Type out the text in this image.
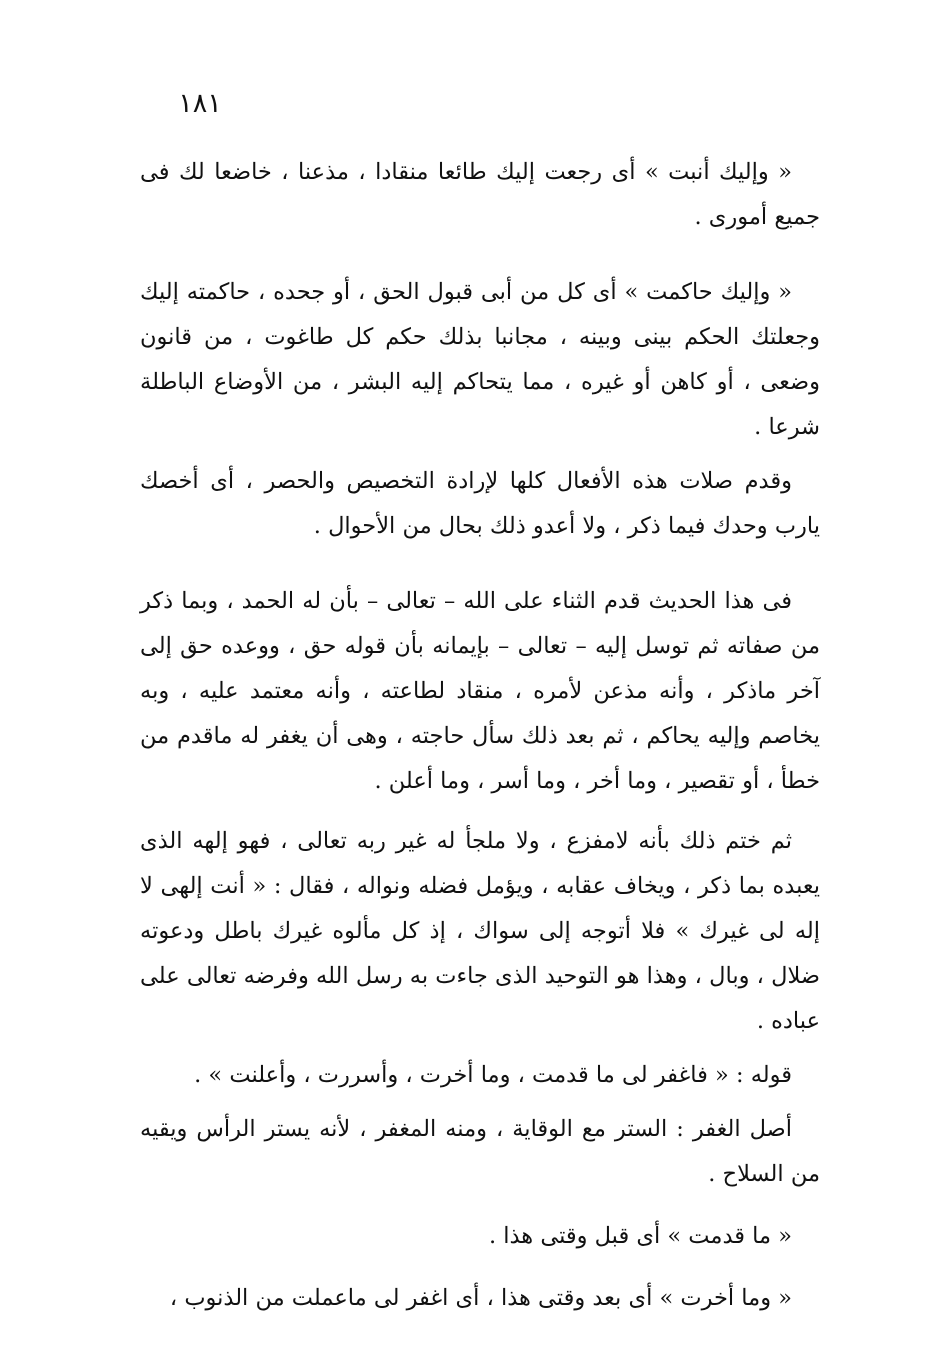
١٨١

« وإليك أنبت » أى رجعت إليك طائعا منقادا ، مذعنا ، خاضعا لك فى جميع أمورى .

« وإليك حاكمت » أى كل من أبى قبول الحق ، أو جحده ، حاكمته إليك وجعلتك الحكم بينى وبينه ، مجانبا بذلك حكم كل طاغوت ، من قانون وضعى ، أو كاهن أو غيره ، مما يتحاكم إليه البشر ، من الأوضاع الباطلة شرعا .

وقدم صلات هذه الأفعال كلها لإرادة التخصيص والحصر ، أى أخصك يارب وحدك فيما ذكر ، ولا أعدو ذلك بحال من الأحوال .

فى هذا الحديث قدم الثناء على الله – تعالى – بأن له الحمد ، وبما ذكر من صفاته ثم توسل إليه – تعالى – بإيمانه بأن قوله حق ، ووعده حق إلى آخر ماذكر ، وأنه مذعن لأمره ، منقاد لطاعته ، وأنه معتمد عليه ، وبه يخاصم وإليه يحاكم ، ثم بعد ذلك سأل حاجته ، وهى أن يغفر له ماقدم من خطأ ، أو تقصير ، وما أخر ، وما أسر ، وما أعلن .

ثم ختم ذلك بأنه لامفزع ، ولا ملجأ له غير ربه تعالى ، فهو إلهه الذى يعبده بما ذكر ، ويخاف عقابه ، ويؤمل فضله ونواله ، فقال : « أنت إلهى لا إله لى غيرك » فلا أتوجه إلى سواك ، إذ كل مألوه غيرك باطل ودعوته ضلال ، وبال ، وهذا هو التوحيد الذى جاءت به رسل الله وفرضه تعالى على عباده .

قوله : « فاغفر لى ما قدمت ، وما أخرت ، وأسررت ، وأعلنت » .

أصل الغفر : الستر مع الوقاية ، ومنه المغفر ، لأنه يستر الرأس ويقيه من السلاح .

« ما قدمت » أى قبل وقتى هذا .

« وما أخرت » أى بعد وقتى هذا ، أى اغفر لى ماعملت من الذنوب ،
